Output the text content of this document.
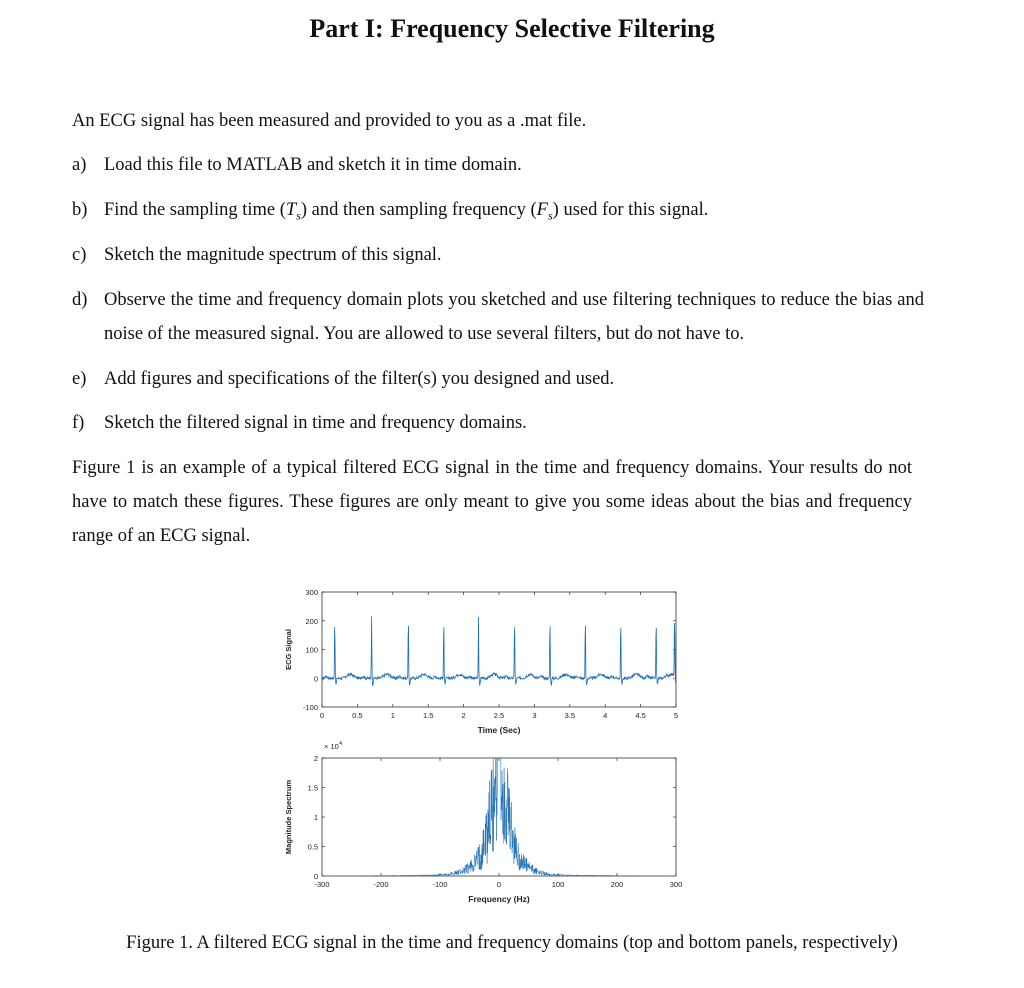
Part I: Frequency Selective Filtering
An ECG signal has been measured and provided to you as a .mat file.
a) Load this file to MATLAB and sketch it in time domain.
b) Find the sampling time $(T_s)$ and then sampling frequency $(F_s)$ used for this signal.
c) Sketch the magnitude spectrum of this signal.
d) Observe the time and frequency domain plots you sketched and use filtering techniques to reduce the bias and noise of the measured signal. You are allowed to use several filters, but do not have to.
e) Add figures and specifications of the filter(s) you designed and used.
f) Sketch the filtered signal in time and frequency domains.
Figure 1 is an example of a typical filtered ECG signal in the time and frequency domains. Your results do not have to match these figures. These figures are only meant to give you some ideas about the bias and frequency range of an ECG signal.
0	0.5	1	1.5	2	2.5	3	3.5	4	4.5	5
-100
0
100
200
300
Time (Sec)
ECG Signal
-300	-200	-100	0	100	200	300
0
0.5
1
1.5
2
Frequency (Hz)
Magnitude Spectrum
× 10 4
Figure 1. A filtered ECG signal in the time and frequency domains (top and bottom panels, respectively)
